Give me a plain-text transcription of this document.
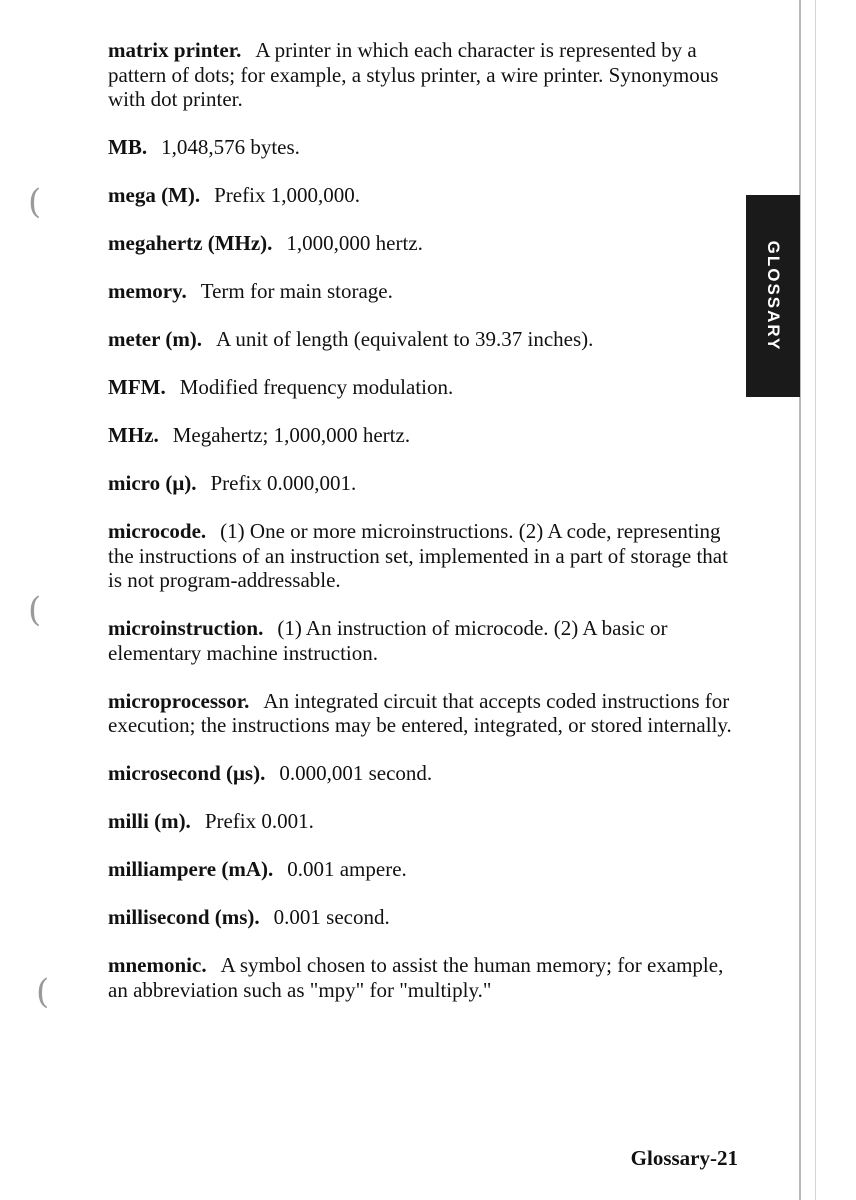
(
(
(
GLOSSARY

matrix printer. A printer in which each character is represented by a pattern of dots; for example, a stylus printer, a wire printer. Synonymous with dot printer.

MB. 1,048,576 bytes.

mega (M). Prefix 1,000,000.

megahertz (MHz). 1,000,000 hertz.

memory. Term for main storage.

meter (m). A unit of length (equivalent to 39.37 inches).

MFM. Modified frequency modulation.

MHz. Megahertz; 1,000,000 hertz.

micro (μ). Prefix 0.000,001.

microcode. (1) One or more microinstructions. (2) A code, representing the instructions of an instruction set, implemented in a part of storage that is not program-addressable.

microinstruction. (1) An instruction of microcode. (2) A basic or elementary machine instruction.

microprocessor. An integrated circuit that accepts coded instructions for execution; the instructions may be entered, integrated, or stored internally.

microsecond (μs). 0.000,001 second.

milli (m). Prefix 0.001.

milliampere (mA). 0.001 ampere.

millisecond (ms). 0.001 second.

mnemonic. A symbol chosen to assist the human memory; for example, an abbreviation such as "mpy" for "multiply."

Glossary-21
